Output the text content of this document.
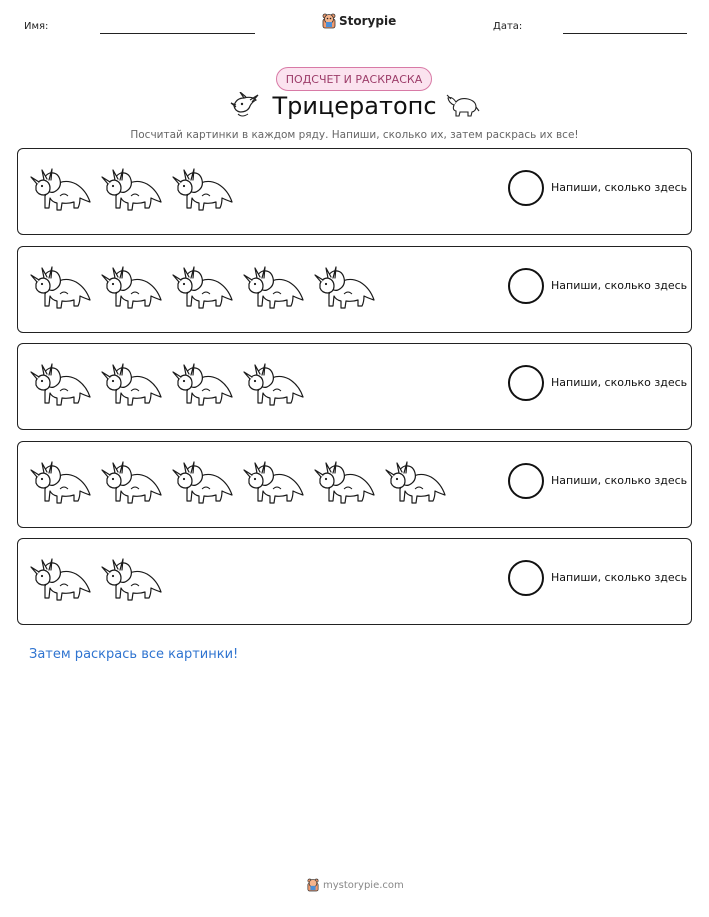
Имя:	Storypie	Дата:
ПОДСЧЕТ И РАСКРАСКА
Трицератопс
Посчитай картинки в каждом ряду. Напиши, сколько их, затем раскрась их все!
Напиши, сколько здесь
Напиши, сколько здесь
Напиши, сколько здесь
Напиши, сколько здесь
Напиши, сколько здесь
Затем раскрась все картинки!
mystorypie.com
